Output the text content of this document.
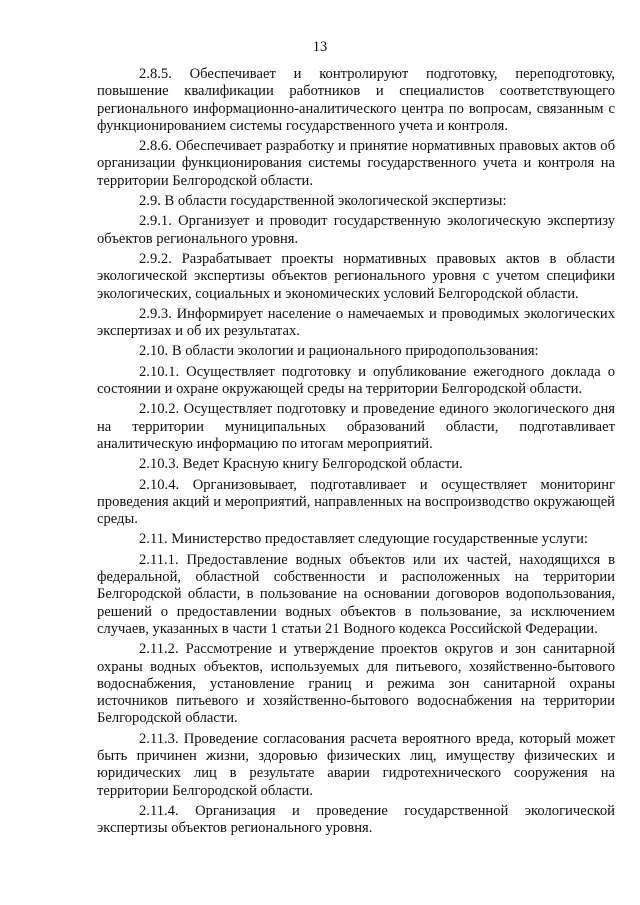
13

2.8.5. Обеспечивает и контролируют подготовку, переподготовку, повышение квалификации работников и специалистов соответствующего регионального информационно-аналитического центра по вопросам, связанным с функционированием системы государственного учета и контроля.

2.8.6. Обеспечивает разработку и принятие нормативных правовых актов об организации функционирования системы государственного учета и контроля на территории Белгородской области.

2.9. В области государственной экологической экспертизы:

2.9.1. Организует и проводит государственную экологическую экспертизу объектов регионального уровня.

2.9.2. Разрабатывает проекты нормативных правовых актов в области экологической экспертизы объектов регионального уровня с учетом специфики экологических, социальных и экономических условий Белгородской области.

2.9.3. Информирует население о намечаемых и проводимых экологических экспертизах и об их результатах.

2.10. В области экологии и рационального природопользования:

2.10.1. Осуществляет подготовку и опубликование ежегодного доклада о состоянии и охране окружающей среды на территории Белгородской области.

2.10.2. Осуществляет подготовку и проведение единого экологического дня на территории муниципальных образований области, подготавливает аналитическую информацию по итогам мероприятий.

2.10.3. Ведет Красную книгу Белгородской области.

2.10.4. Организовывает, подготавливает и осуществляет мониторинг проведения акций и мероприятий, направленных на воспроизводство окружающей среды.

2.11. Министерство предоставляет следующие государственные услуги:

2.11.1. Предоставление водных объектов или их частей, находящихся в федеральной, областной собственности и расположенных на территории Белгородской области, в пользование на основании договоров водопользования, решений о предоставлении водных объектов в пользование, за исключением случаев, указанных в части 1 статьи 21 Водного кодекса Российской Федерации.

2.11.2. Рассмотрение и утверждение проектов округов и зон санитарной охраны водных объектов, используемых для питьевого, хозяйственно-бытового водоснабжения, установление границ и режима зон санитарной охраны источников питьевого и хозяйственно-бытового водоснабжения на территории Белгородской области.

2.11.3. Проведение согласования расчета вероятного вреда, который может быть причинен жизни, здоровью физических лиц, имуществу физических и юридических лиц в результате аварии гидротехнического сооружения на территории Белгородской области.

2.11.4. Организация и проведение государственной экологической экспертизы объектов регионального уровня.
